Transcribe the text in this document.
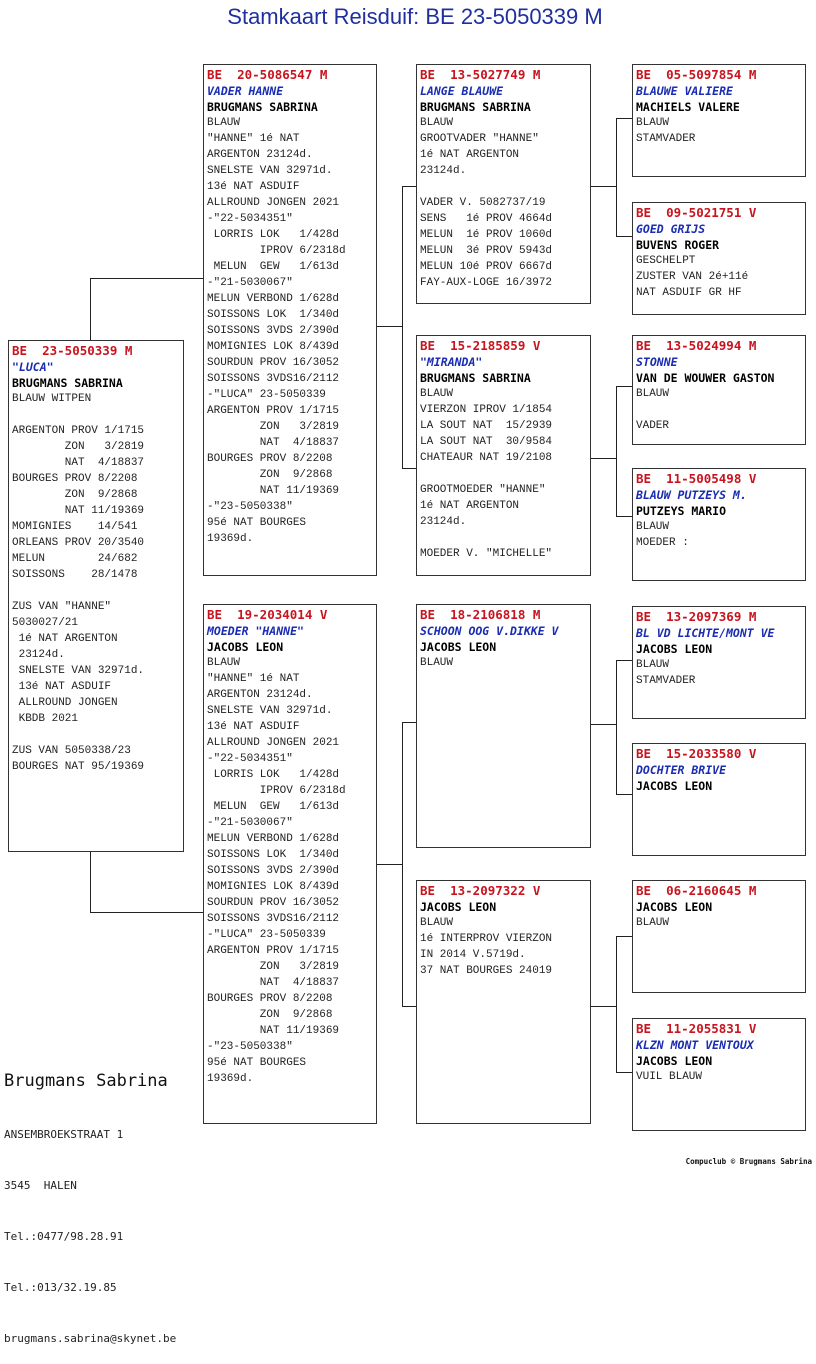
Stamkaart Reisduif: BE 23-5050339 M
BE  23-5050339 M
"LUCA"
BRUGMANS SABRINA
BLAUW WITPEN

ARGENTON PROV 1/1715
ZON   3/2819
NAT  4/18837
BOURGES PROV 8/2208
ZON  9/2868
NAT 11/19369
MOMIGNIES    14/541
ORLEANS PROV 20/3540
MELUN        24/682
SOISSONS    28/1478

ZUS VAN "HANNE"
5030027/21
1é NAT ARGENTON
23124d.
SNELSTE VAN 32971d.
13é NAT ASDUIF
ALLROUND JONGEN
KBDB 2021

ZUS VAN 5050338/23
BOURGES NAT 95/19369
BE  20-5086547 M
VADER HANNE
BRUGMANS SABRINA
BLAUW
"HANNE" 1é NAT
ARGENTON 23124d.
SNELSTE VAN 32971d.
13é NAT ASDUIF
ALLROUND JONGEN 2021
-"22-5034351"
LORRIS LOK   1/428d
IPROV 6/2318d
MELUN  GEW   1/613d
-"21-5030067"
MELUN VERBOND 1/628d
SOISSONS LOK  1/340d
SOISSONS 3VDS 2/390d
MOMIGNIES LOK 8/439d
SOURDUN PROV 16/3052
SOISSONS 3VDS16/2112
-"LUCA" 23-5050339
ARGENTON PROV 1/1715
ZON   3/2819
NAT  4/18837
BOURGES PROV 8/2208
ZON  9/2868
NAT 11/19369
-"23-5050338"
95é NAT BOURGES
19369d.
BE  19-2034014 V
MOEDER "HANNE"
JACOBS LEON
BLAUW
"HANNE" 1é NAT
ARGENTON 23124d.
SNELSTE VAN 32971d.
13é NAT ASDUIF
ALLROUND JONGEN 2021
-"22-5034351"
LORRIS LOK   1/428d
IPROV 6/2318d
MELUN  GEW   1/613d
-"21-5030067"
MELUN VERBOND 1/628d
SOISSONS LOK  1/340d
SOISSONS 3VDS 2/390d
MOMIGNIES LOK 8/439d
SOURDUN PROV 16/3052
SOISSONS 3VDS16/2112
-"LUCA" 23-5050339
ARGENTON PROV 1/1715
ZON   3/2819
NAT  4/18837
BOURGES PROV 8/2208
ZON  9/2868
NAT 11/19369
-"23-5050338"
95é NAT BOURGES
19369d.
BE  13-5027749 M
LANGE BLAUWE
BRUGMANS SABRINA
BLAUW
GROOTVADER "HANNE"
1é NAT ARGENTON
23124d.

VADER V. 5082737/19
SENS   1é PROV 4664d
MELUN  1é PROV 1060d
MELUN  3é PROV 5943d
MELUN 10é PROV 6667d
FAY-AUX-LOGE 16/3972
BE  15-2185859 V
"MIRANDA"
BRUGMANS SABRINA
BLAUW
VIERZON IPROV 1/1854
LA SOUT NAT  15/2939
LA SOUT NAT  30/9584
CHATEAUR NAT 19/2108

GROOTMOEDER "HANNE"
1é NAT ARGENTON
23124d.

MOEDER V. "MICHELLE"
BE  18-2106818 M
SCHOON OOG V.DIKKE V
JACOBS LEON
BLAUW
BE  13-2097322 V
JACOBS LEON
BLAUW
1é INTERPROV VIERZON
IN 2014 V.5719d.
37 NAT BOURGES 24019
BE  05-5097854 M
BLAUWE VALIERE
MACHIELS VALERE
BLAUW
STAMVADER
BE  09-5021751 V
GOED GRIJS
BUVENS ROGER
GESCHELPT
ZUSTER VAN 2é+11é
NAT ASDUIF GR HF
BE  13-5024994 M
STONNE
VAN DE WOUWER GASTON
BLAUW

VADER
BE  11-5005498 V
BLAUW PUTZEYS M.
PUTZEYS MARIO
BLAUW
MOEDER :
BE  13-2097369 M
BL VD LICHTE/MONT VE
JACOBS LEON
BLAUW
STAMVADER
BE  15-2033580 V
DOCHTER BRIVE
JACOBS LEON
BE  06-2160645 M
JACOBS LEON
BLAUW
BE  11-2055831 V
KLZN MONT VENTOUX
JACOBS LEON
VUIL BLAUW

Brugmans Sabrina

ANSEMBROEKSTRAAT 1

3545  HALEN

Tel.:0477/98.28.91

Tel.:013/32.19.85

brugmans.sabrina@skynet.be

Compuclub © Brugmans Sabrina
